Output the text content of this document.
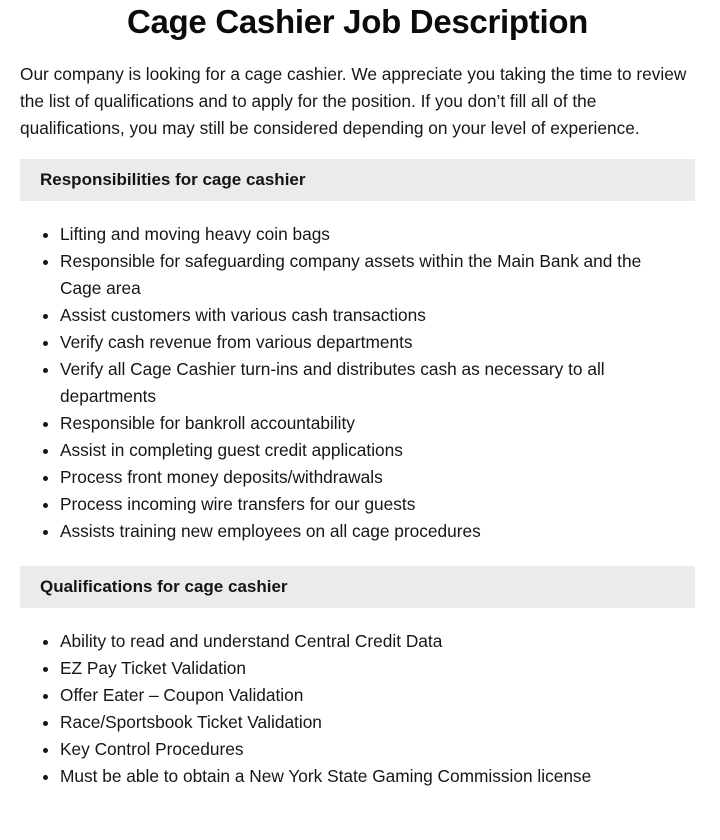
Cage Cashier Job Description

Our company is looking for a cage cashier. We appreciate you taking the time to review the list of qualifications and to apply for the position. If you don’t fill all of the qualifications, you may still be considered depending on your level of experience.

Responsibilities for cage cashier
Lifting and moving heavy coin bags
Responsible for safeguarding company assets within the Main Bank and the Cage area
Assist customers with various cash transactions
Verify cash revenue from various departments
Verify all Cage Cashier turn-ins and distributes cash as necessary to all departments
Responsible for bankroll accountability
Assist in completing guest credit applications
Process front money deposits/withdrawals
Process incoming wire transfers for our guests
Assists training new employees on all cage procedures
Qualifications for cage cashier
Ability to read and understand Central Credit Data
EZ Pay Ticket Validation
Offer Eater – Coupon Validation
Race/Sportsbook Ticket Validation
Key Control Procedures
Must be able to obtain a New York State Gaming Commission license
